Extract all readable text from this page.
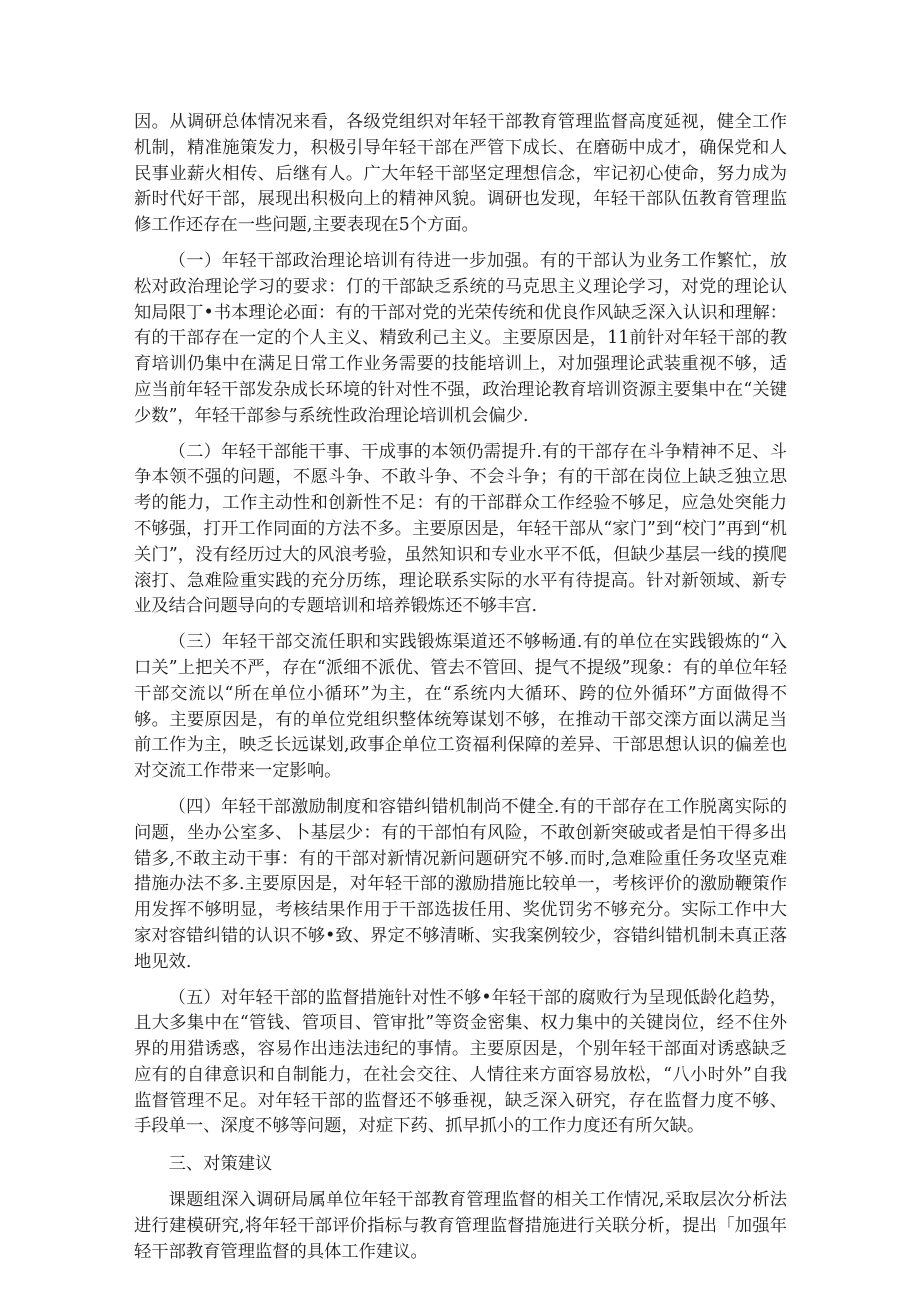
因。从调研总体情况来看，各级党组织对年轻干部教育管理监督高度延视，健全工作机制，精准施策发力，积极引导年轻干部在严管下成长、在磨砺中成才，确保党和人民事业薪火相传、后继有人。广大年轻干部坚定理想信念，牢记初心使命，努力成为新时代好干部，展现出积极向上的精神风貌。调研也发现，年轻干部队伍教育管理监修工作还存在一些问题,主要表现在5个方面。

（一）年轻干部政治理论培训有待进一步加强。有的干部认为业务工作繁忙，放松对政治理论学习的要求：仃的干部缺乏系统的马克思主义理论学习，对党的理论认知局限丁•书本理论必面：有的干部对党的光荣传统和优良作风缺乏深入认识和理解：有的干部存在一定的个人主义、精致利己主义。主要原因是，11前针对年轻干部的教育培训仍集中在满足日常工作业务需要的技能培训上，对加强理论武装重视不够，适应当前年轻干部发杂成长环境的针对性不强，政治理论教育培训资源主要集中在“关键少数”，年轻干部参与系统性政治理论培训机会偏少.

（二）年轻干部能干事、干成事的本领仍需提升.有的干部存在斗争精神不足、斗争本领不强的问题，不愿斗争、不敢斗争、不会斗争；有的干部在岗位上缺乏独立思考的能力，工作主动性和创新性不足：有的干部群众工作经验不够足，应急处突能力不够强，打开工作同面的方法不多。主要原因是，年轻干部从“家门”到“校门”再到“机关门”，没有经历过大的风浪考验，虽然知识和专业水平不低，但缺少基层一线的摸爬滚打、急难险重实践的充分历练，理论联系实际的水平有待提高。针对新领域、新专业及结合问题导向的专题培训和培养锻炼还不够丰宫.

（三）年轻干部交流任职和实践锻炼渠道还不够畅通.有的单位在实践锻炼的“入口关”上把关不严，存在“派细不派优、管去不管回、提气不提级”现象：有的单位年轻干部交流以“所在单位小循环”为主，在“系统内大循环、跨的位外循环”方面做得不够。主要原因是，有的单位党组织整体统筹谋划不够，在推动干部交滦方面以满足当前工作为主，映乏长远谋划,政事企单位工资福利保障的差异、干部思想认识的偏差也对交流工作带来一定影响。

（四）年轻干部激励制度和容错纠错机制尚不健全.有的干部存在工作脱离实际的问题，坐办公室多、卜基层少：有的干部怕有风险，不敢创新突破或者是怕干得多出错多,不敢主动干事：有的干部对新情况新问题研究不够.而时,急难险重任务攻坚克难措施办法不多.主要原因是，对年轻干部的激励措施比较单一，考核评价的激励鞭策作用发挥不够明显，考核结果作用于干部选拔任用、奖优罚劣不够充分。实际工作中大家对容错纠错的认识不够•致、界定不够清晰、实我案例较少，容错纠错机制未真正落地见效.

（五）对年轻干部的监督措施针对性不够•年轻干部的腐败行为呈现低龄化趋势，且大多集中在“管钱、管项目、管审批”等资金密集、权力集中的关键岗位，经不住外界的用猎诱惑，容易作出违法违纪的事情。主要原因是，个别年轻干部面对诱惑缺乏应有的自律意识和自制能力，在社会交往、人情往来方面容易放松，“八小时外”自我监督管理不足。对年轻干部的监督还不够垂视，缺乏深入研究，存在监督力度不够、手段单一、深度不够等问题，对症下药、抓早抓小的工作力度还有所欠缺。

三、对策建议

课题组深入调研局属单位年轻干部教育管理监督的相关工作情况,采取层次分析法进行建模研究,将年轻干部评价指标与教育管理监督措施进行关联分析，提出「加强年轻干部教育管理监督的具体工作建议。
